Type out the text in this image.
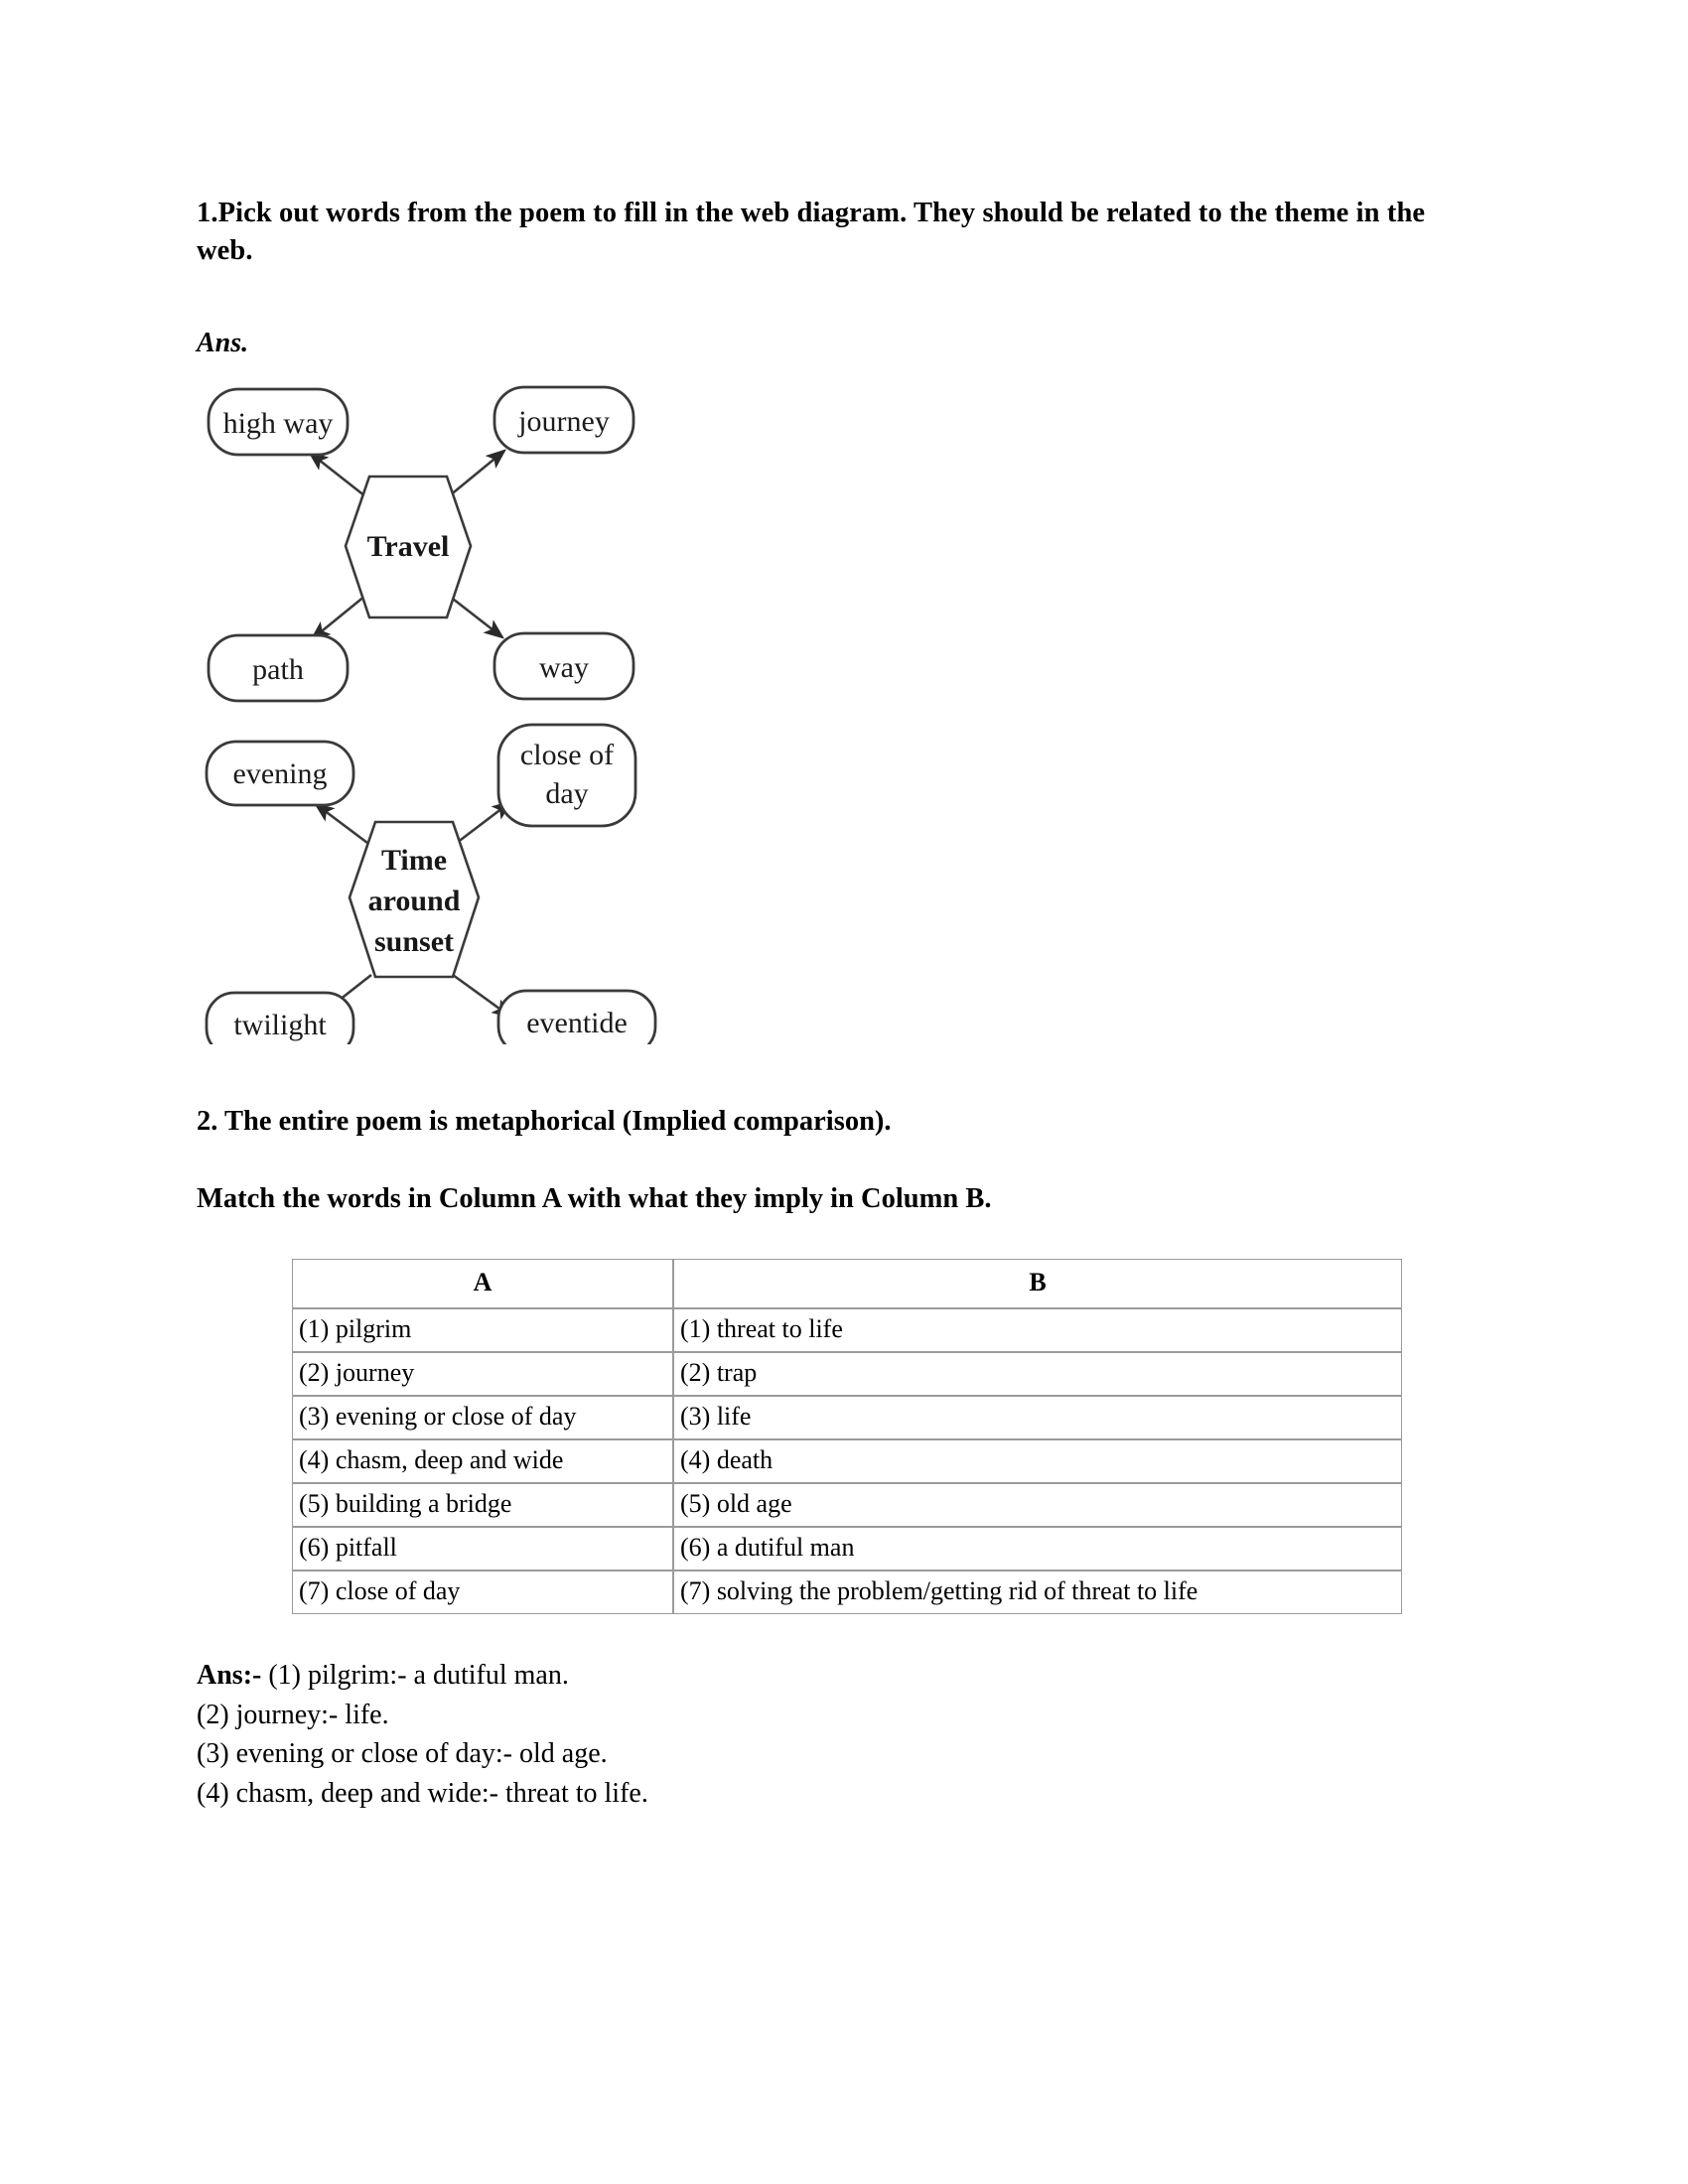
1.Pick out words from the poem to fill in the web diagram. They should be related to the theme in the web.

Ans.

Travel
high way	journey
path	way
Time
around
sunset
evening
close of
day
twilight	eventide

2. The entire poem is metaphorical (Implied comparison).

Match the words in Column A with what they imply in Column B.

A	B
(1) pilgrim	(1) threat to life
(2) journey	(2) trap
(3) evening or close of day	(3) life
(4) chasm, deep and wide	(4) death
(5) building a bridge	(5) old age
(6) pitfall	(6) a dutiful man
(7) close of day	(7) solving the problem/getting rid of threat to life
Ans:- (1) pilgrim:- a dutiful man.
(2) journey:- life.
(3) evening or close of day:- old age.
(4) chasm, deep and wide:- threat to life.
